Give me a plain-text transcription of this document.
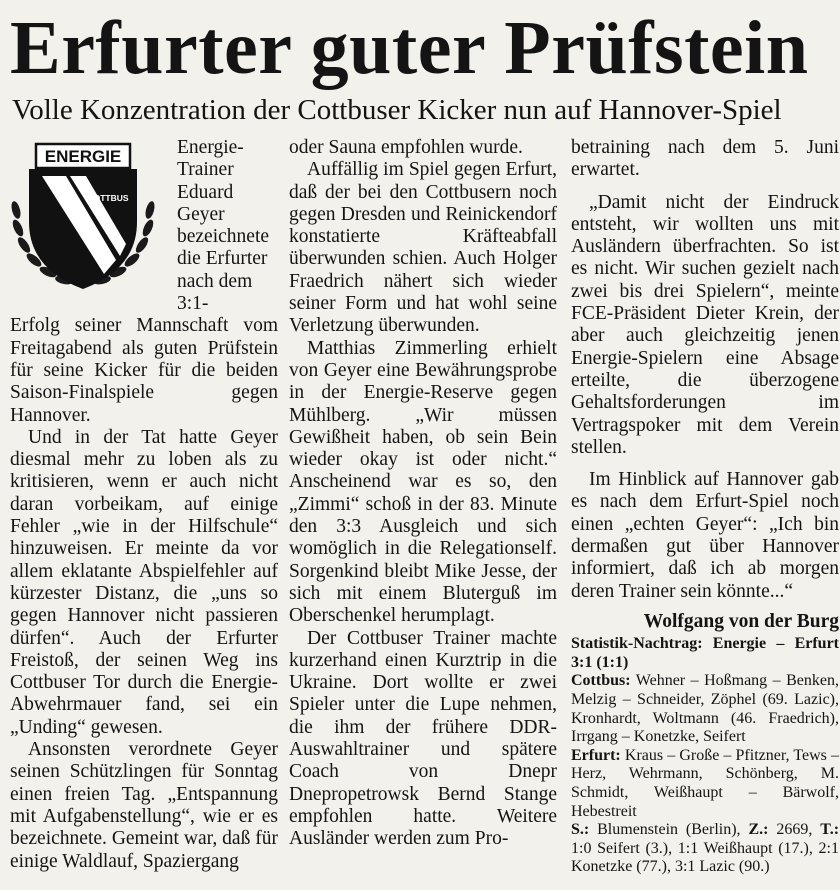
Erfurter guter Prüfstein
Volle Konzentration der Cottbuser Kicker nun auf Hannover-Spiel
ENERGIE
COTTBUS

Energie-Trainer Eduard Geyer bezeichnete die Erfurter nach dem 3:1-

Erfolg seiner Mannschaft vom Freitagabend als guten Prüfstein für seine Kicker für die beiden Saison-Finalspiele gegen Hannover.

Und in der Tat hatte Geyer diesmal mehr zu loben als zu kritisieren, wenn er auch nicht daran vorbeikam, auf einige Fehler „wie in der Hilfschule“ hinzuweisen. Er meinte da vor allem eklatante Abspielfehler auf kürzester Distanz, die „uns so gegen Hannover nicht passieren dürfen“. Auch der Erfurter Freistoß, der seinen Weg ins Cottbuser Tor durch die Energie-Abwehrmauer fand, sei ein „Unding“ gewesen.

Ansonsten verordnete Geyer seinen Schützlingen für Sonntag einen freien Tag. „Entspannung mit Aufgabenstellung“, wie er es bezeichnete. Gemeint war, daß für einige Waldlauf, Spaziergang

oder Sauna empfohlen wurde.

Auffällig im Spiel gegen Erfurt, daß der bei den Cottbusern noch gegen Dresden und Reinickendorf konstatierte Kräfteabfall überwunden schien. Auch Holger Fraedrich nähert sich wieder seiner Form und hat wohl seine Verletzung überwunden.

Matthias Zimmerling erhielt von Geyer eine Bewährungsprobe in der Energie-Reserve gegen Mühlberg. „Wir müssen Gewißheit haben, ob sein Bein wieder okay ist oder nicht.“ Anscheinend war es so, den „Zimmi“ schoß in der 83. Minute den 3:3 Ausgleich und sich womöglich in die Relegationself. Sorgenkind bleibt Mike Jesse, der sich mit einem Bluterguß im Oberschenkel herumplagt.

Der Cottbuser Trainer machte kurzerhand einen Kurztrip in die Ukraine. Dort wollte er zwei Spieler unter die Lupe nehmen, die ihm der frühere DDR-Auswahltrainer und spätere Coach von Dnepr Dnepropetrowsk Bernd Stange empfohlen hatte. Weitere Ausländer werden zum Pro-

betraining nach dem 5. Juni erwartet.

„Damit nicht der Eindruck entsteht, wir wollten uns mit Ausländern überfrachten. So ist es nicht. Wir suchen gezielt nach zwei bis drei Spielern“, meinte FCE-Präsident Dieter Krein, der aber auch gleichzeitig jenen Energie-Spielern eine Absage erteilte, die überzogene Gehaltsforderungen im Vertragspoker mit dem Verein stellen.

Im Hinblick auf Hannover gab es nach dem Erfurt-Spiel noch einen „echten Geyer“: „Ich bin dermaßen gut über Hannover informiert, daß ich ab morgen deren Trainer sein könnte...“

Wolfgang von der Burg

Statistik-Nachtrag: Energie – Erfurt 3:1 (1:1)

Cottbus: Wehner – Hoßmang – Benken, Melzig – Schneider, Zöphel (69. Lazic), Kronhardt, Woltmann (46. Fraedrich), Irrgang – Konetzke, Seifert

Erfurt: Kraus – Große – Pfitzner, Tews – Herz, Wehrmann, Schönberg, M. Schmidt, Weißhaupt – Bärwolf, Hebestreit

S.: Blumenstein (Berlin), Z.: 2669, T.: 1:0 Seifert (3.), 1:1 Weißhaupt (17.), 2:1 Konetzke (77.), 3:1 Lazic (90.)
